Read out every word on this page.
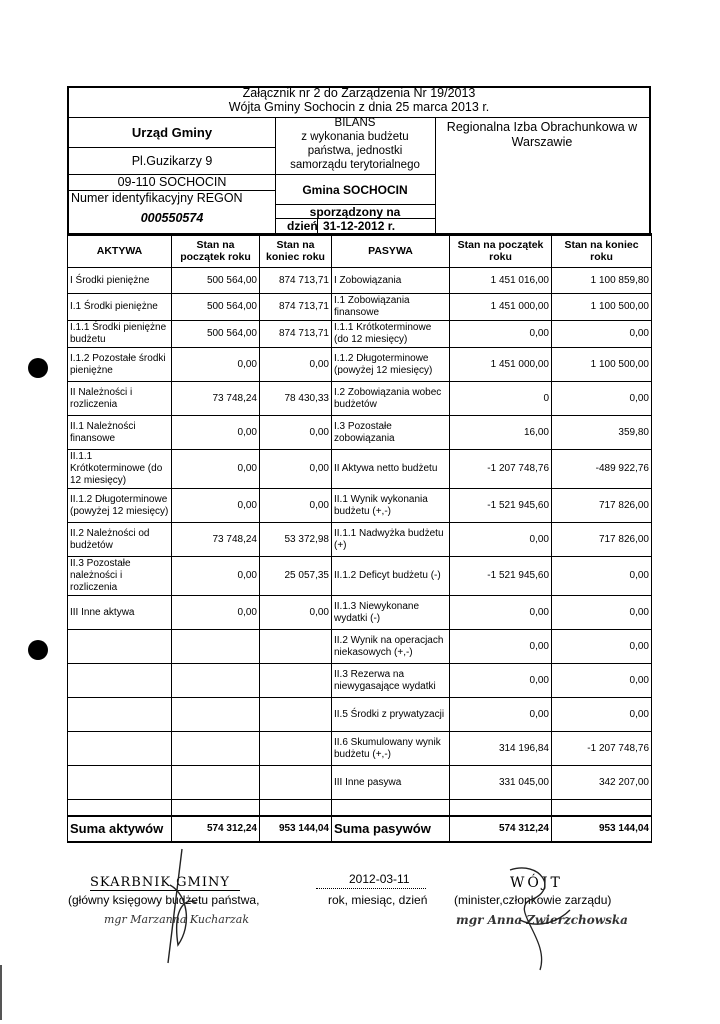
Załącznik nr 2 do Zarządzenia Nr 19/2013
Wójta Gminy Sochocin z dnia 25 marca 2013 r.
Urząd Gminy
Pl.Guzikarzy 9
09-110 SOCHOCIN
Numer identyfikacyjny REGON
000550574
BILANS
z wykonania budżetu
państwa, jednostki
samorządu terytorialnego
Gmina SOCHOCIN
sporządzony na
dzień 31-12-2012 r.
Regionalna Izba Obrachunkowa w
Warszawie
AKTYWA	Stan na początek roku	Stan na koniec roku	PASYWA	Stan na początek roku	Stan na koniec roku
I Środki pieniężne	500 564,00	874 713,71	I Zobowiązania	1 451 016,00	1 100 859,80
I.1 Środki pieniężne	500 564,00	874 713,71	I.1 Zobowiązania finansowe	1 451 000,00	1 100 500,00
I.1.1 Środki pieniężne budżetu	500 564,00	874 713,71	I.1.1 Krótkoterminowe (do 12 miesięcy)	0,00	0,00
I.1.2 Pozostałe środki pieniężne	0,00	0,00	I.1.2 Długoterminowe (powyżej 12 miesięcy)	1 451 000,00	1 100 500,00
II Należności i rozliczenia	73 748,24	78 430,33	I.2 Zobowiązania wobec budżetów	0	0,00
II.1 Należności finansowe	0,00	0,00	I.3 Pozostałe zobowiązania	16,00	359,80
II.1.1 Krótkoterminowe (do 12 miesięcy)	0,00	0,00	II Aktywa netto budżetu	-1 207 748,76	-489 922,76
II.1.2 Długoterminowe (powyżej 12 miesięcy)	0,00	0,00	II.1 Wynik wykonania budżetu (+,-)	-1 521 945,60	717 826,00
II.2 Należności od budżetów	73 748,24	53 372,98	II.1.1 Nadwyżka budżetu (+)	0,00	717 826,00
II.3 Pozostałe należności i rozliczenia	0,00	25 057,35	II.1.2 Deficyt budżetu (-)	-1 521 945,60	0,00
III Inne aktywa	0,00	0,00	II.1.3 Niewykonane wydatki (-)	0,00	0,00
			II.2 Wynik na operacjach niekasowych (+,-)	0,00	0,00
			II.3 Rezerwa na niewygasające wydatki	0,00	0,00
			II.5 Środki z prywatyzacji	0,00	0,00
			II.6 Skumulowany wynik budżetu (+,-)	314 196,84	-1 207 748,76
			III Inne pasywa	331 045,00	342 207,00

Suma aktywów	574 312,24	953 144,04	Suma pasywów	574 312,24	953 144,04
SKARBNIK GMINY
(główny księgowy budżetu państwa,
mgr Marzanna Kucharzak
2012-03-11
rok, miesiąc, dzień
WÓJT
(minister,członkowie zarządu)
mgr Anna Zwierzchowska
